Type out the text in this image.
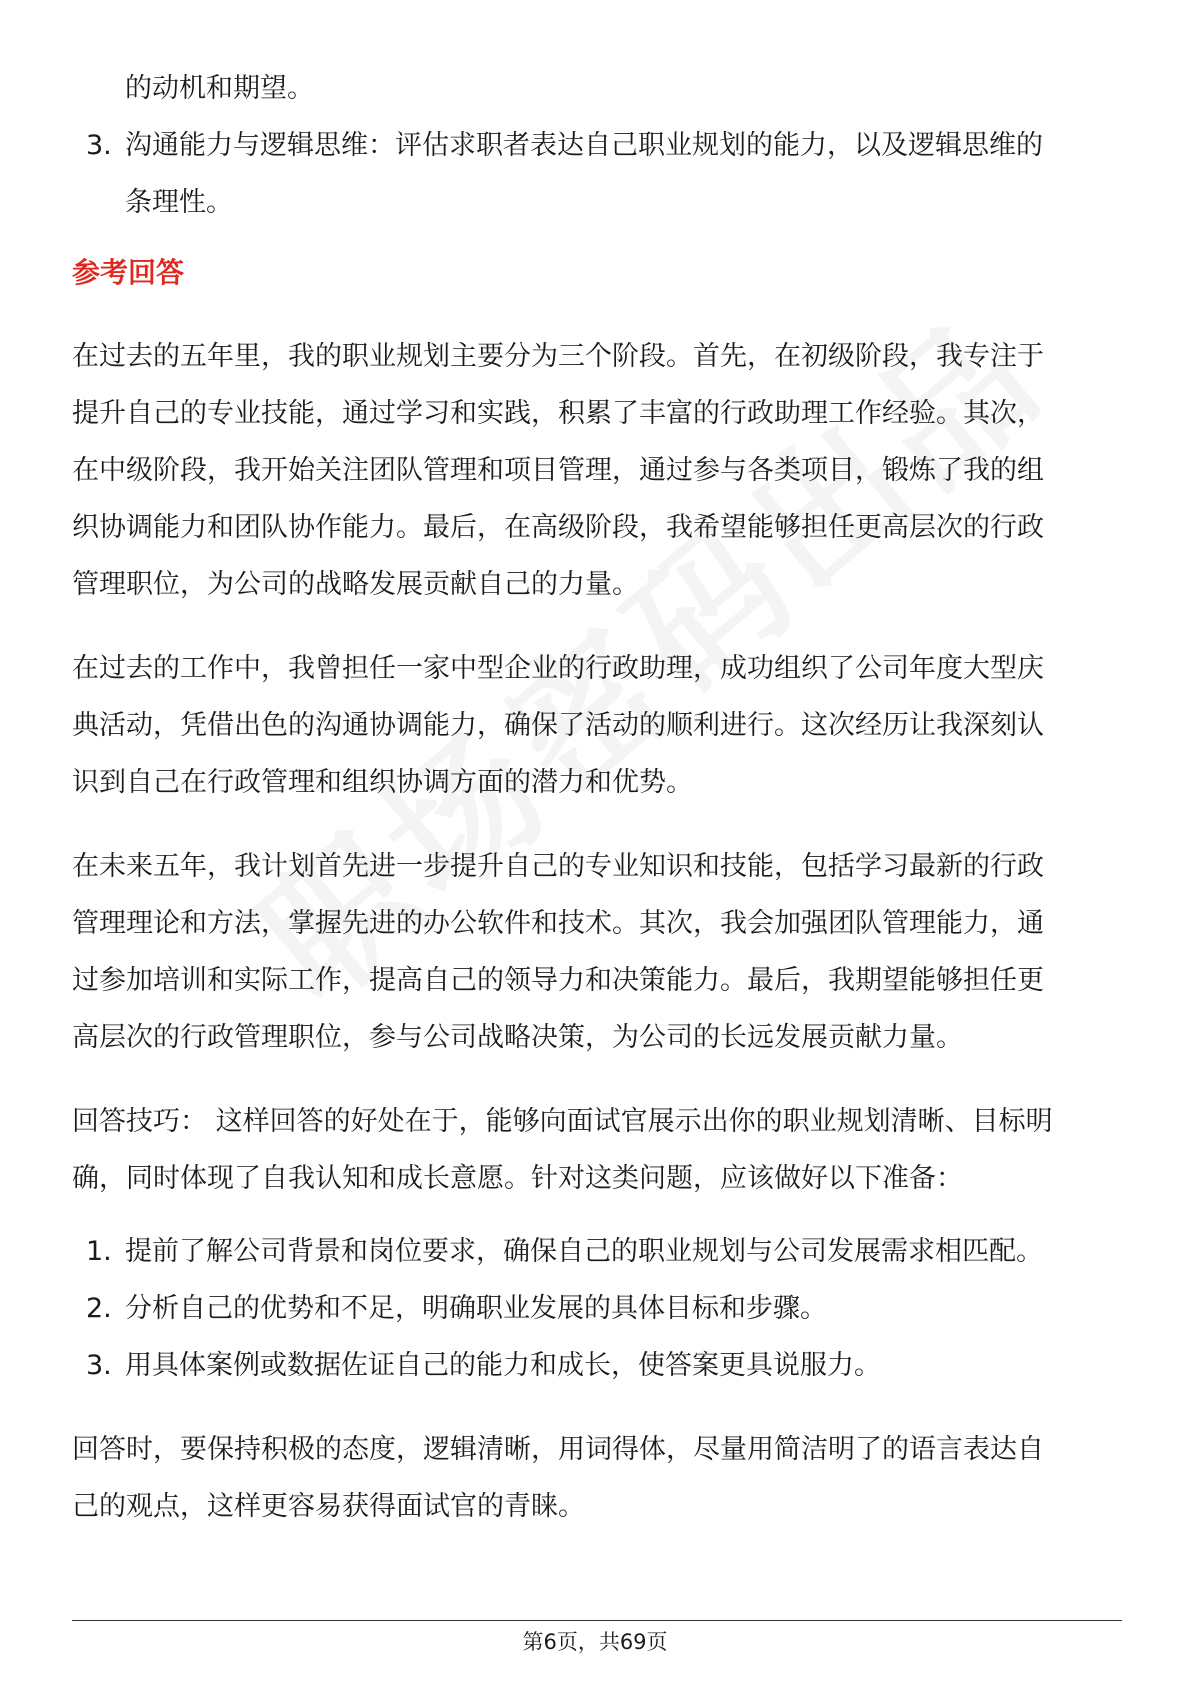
的动机和期望。

3. 沟通能力与逻辑思维：评估求职者表达自己职业规划的能力，以及逻辑思维的
条理性。
参考回答

在过去的五年里，我的职业规划主要分为三个阶段。首先，在初级阶段，我专注于

提升自己的专业技能，通过学习和实践，积累了丰富的行政助理工作经验。其次，

在中级阶段，我开始关注团队管理和项目管理，通过参与各类项目，锻炼了我的组

织协调能力和团队协作能力。最后，在高级阶段，我希望能够担任更高层次的行政

管理职位，为公司的战略发展贡献自己的力量。

在过去的工作中，我曾担任一家中型企业的行政助理，成功组织了公司年度大型庆

典活动，凭借出色的沟通协调能力，确保了活动的顺利进行。这次经历让我深刻认

识到自己在行政管理和组织协调方面的潜力和优势。

在未来五年，我计划首先进一步提升自己的专业知识和技能，包括学习最新的行政

管理理论和方法，掌握先进的办公软件和技术。其次，我会加强团队管理能力，通

过参加培训和实际工作，提高自己的领导力和决策能力。最后，我期望能够担任更

高层次的行政管理职位，参与公司战略决策，为公司的长远发展贡献力量。

回答技巧： 这样回答的好处在于，能够向面试官展示出你的职业规划清晰、目标明

确，同时体现了自我认知和成长意愿。针对这类问题，应该做好以下准备：

1. 提前了解公司背景和岗位要求，确保自己的职业规划与公司发展需求相匹配。
2. 分析自己的优势和不足，明确职业发展的具体目标和步骤。
3. 用具体案例或数据佐证自己的能力和成长，使答案更具说服力。

回答时，要保持积极的态度，逻辑清晰，用词得体，尽量用简洁明了的语言表达自

己的观点，这样更容易获得面试官的青睐。

第6页，共69页
